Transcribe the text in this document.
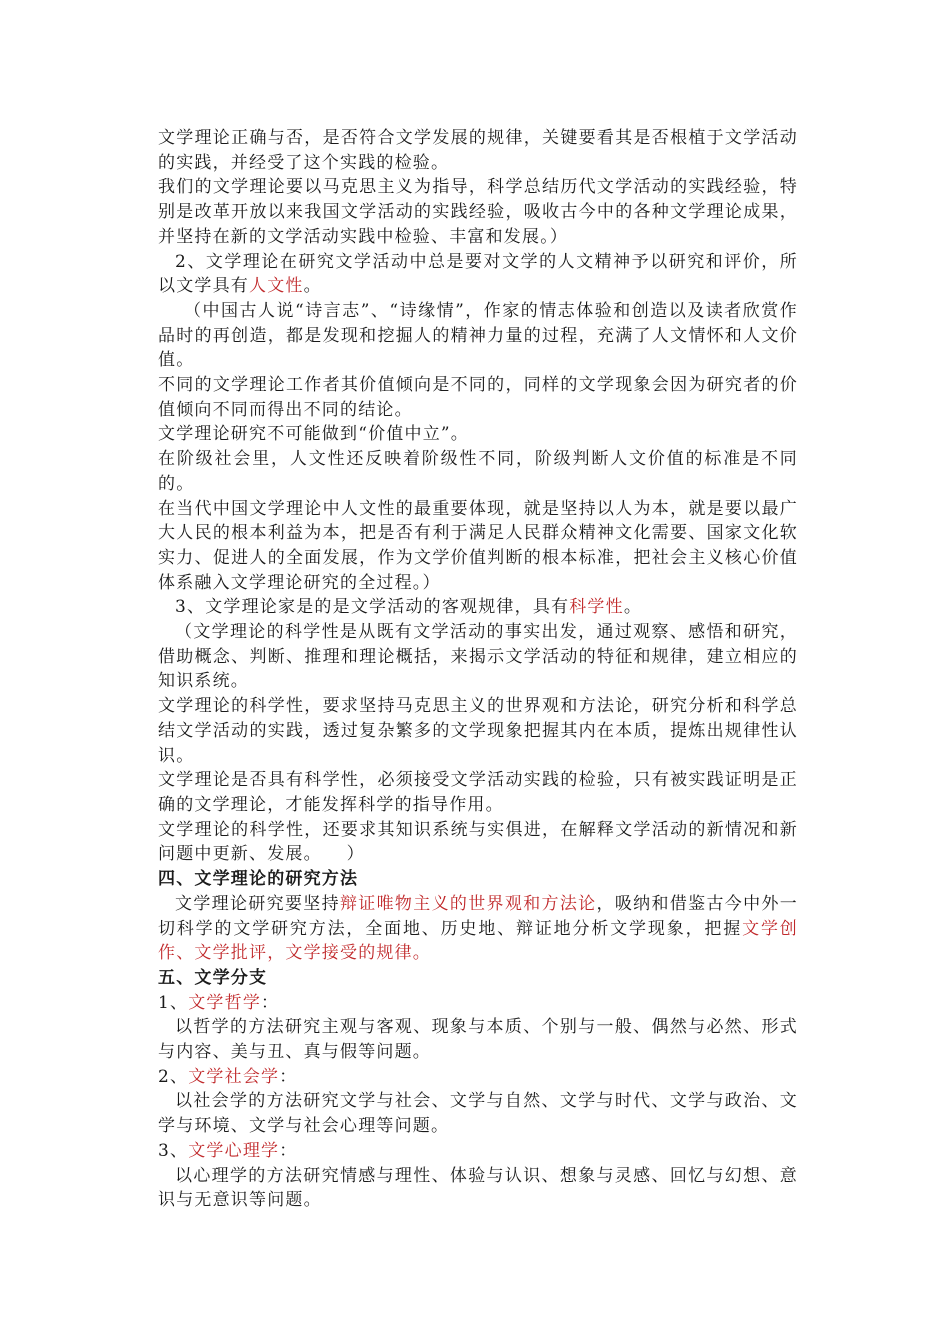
文学理论正确与否，是否符合文学发展的规律，关键要看其是否根植于文学活动的实践，并经受了这个实践的检验。

我们的文学理论要以马克思主义为指导，科学总结历代文学活动的实践经验，特别是改革开放以来我国文学活动的实践经验，吸收古今中的各种文学理论成果，并坚持在新的文学活动实践中检验、丰富和发展。）

2、文学理论在研究文学活动中总是要对文学的人文精神予以研究和评价，所以文学具有人文性。

（中国古人说“诗言志”、“诗缘情”，作家的情志体验和创造以及读者欣赏作品时的再创造，都是发现和挖掘人的精神力量的过程，充满了人文情怀和人文价值。

不同的文学理论工作者其价值倾向是不同的，同样的文学现象会因为研究者的价值倾向不同而得出不同的结论。

文学理论研究不可能做到“价值中立”。

在阶级社会里，人文性还反映着阶级性不同，阶级判断人文价值的标准是不同的。

在当代中国文学理论中人文性的最重要体现，就是坚持以人为本，就是要以最广大人民的根本利益为本，把是否有利于满足人民群众精神文化需要、国家文化软实力、促进人的全面发展，作为文学价值判断的根本标准，把社会主义核心价值体系融入文学理论研究的全过程。）

3、文学理论家是的是文学活动的客观规律，具有科学性。

（文学理论的科学性是从既有文学活动的事实出发，通过观察、感悟和研究，借助概念、判断、推理和理论概括，来揭示文学活动的特征和规律，建立相应的知识系统。

文学理论的科学性，要求坚持马克思主义的世界观和方法论，研究分析和科学总结文学活动的实践，透过复杂繁多的文学现象把握其内在本质，提炼出规律性认识。

文学理论是否具有科学性，必须接受文学活动实践的检验，只有被实践证明是正确的文学理论，才能发挥科学的指导作用。

文学理论的科学性，还要求其知识系统与实俱进，在解释文学活动的新情况和新问题中更新、发展。 　）

四、文学理论的研究方法

文学理论研究要坚持辩证唯物主义的世界观和方法论，吸纳和借鉴古今中外一切科学的文学研究方法，全面地、历史地、辩证地分析文学现象，把握文学创作、文学批评，文学接受的规律。

五、文学分支

1、文学哲学：

以哲学的方法研究主观与客观、现象与本质、个别与一般、偶然与必然、形式与内容、美与丑、真与假等问题。

2、文学社会学：

以社会学的方法研究文学与社会、文学与自然、文学与时代、文学与政治、文学与环境、文学与社会心理等问题。

3、文学心理学：

以心理学的方法研究情感与理性、体验与认识、想象与灵感、回忆与幻想、意识与无意识等问题。
